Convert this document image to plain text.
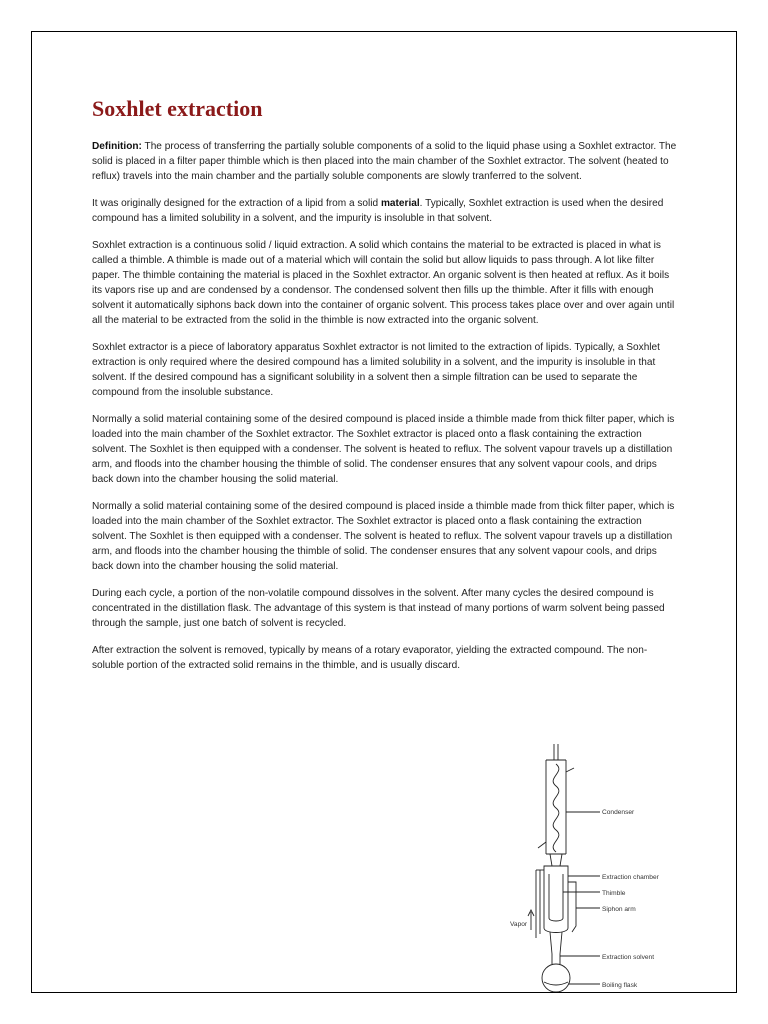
Soxhlet extraction

Definition: The process of transferring the partially soluble components of a solid to the liquid phase using a Soxhlet extractor. The solid is placed in a filter paper thimble which is then placed into the main chamber of the Soxhlet extractor. The solvent (heated to reflux) travels into the main chamber and the partially soluble components are slowly tranferred to the solvent.

It was originally designed for the extraction of a lipid from a solid material. Typically, Soxhlet extraction is used when the desired compound has a limited solubility in a solvent, and the impurity is insoluble in that solvent.

Soxhlet extraction is a continuous solid / liquid extraction. A solid which contains the material to be extracted is placed in what is called a thimble. A thimble is made out of a material which will contain the solid but allow liquids to pass through. A lot like filter paper. The thimble containing the material is placed in the Soxhlet extractor. An organic solvent is then heated at reflux. As it boils its vapors rise up and are condensed by a condensor. The condensed solvent then fills up the thimble. After it fills with enough solvent it automatically siphons back down into the container of organic solvent. This process takes place over and over again until all the material to be extracted from the solid in the thimble is now extracted into the organic solvent.

Soxhlet extractor is a piece of laboratory apparatus Soxhlet extractor is not limited to the extraction of lipids. Typically, a Soxhlet extraction is only required where the desired compound has a limited solubility in a solvent, and the impurity is insoluble in that solvent. If the desired compound has a significant solubility in a solvent then a simple filtration can be used to separate the compound from the insoluble substance.

Normally a solid material containing some of the desired compound is placed inside a thimble made from thick filter paper, which is loaded into the main chamber of the Soxhlet extractor. The Soxhlet extractor is placed onto a flask containing the extraction solvent. The Soxhlet is then equipped with a condenser. The solvent is heated to reflux. The solvent vapour travels up a distillation arm, and floods into the chamber housing the thimble of solid. The condenser ensures that any solvent vapour cools, and drips back down into the chamber housing the solid material.

Normally a solid material containing some of the desired compound is placed inside a thimble made from thick filter paper, which is loaded into the main chamber of the Soxhlet extractor. The Soxhlet extractor is placed onto a flask containing the extraction solvent. The Soxhlet is then equipped with a condenser. The solvent is heated to reflux. The solvent vapour travels up a distillation arm, and floods into the chamber housing the thimble of solid. The condenser ensures that any solvent vapour cools, and drips back down into the chamber housing the solid material.

During each cycle, a portion of the non-volatile compound dissolves in the solvent. After many cycles the desired compound is concentrated in the distillation flask. The advantage of this system is that instead of many portions of warm solvent being passed through the sample, just one batch of solvent is recycled.

After extraction the solvent is removed, typically by means of a rotary evaporator, yielding the extracted compound. The non-soluble portion of the extracted solid remains in the thimble, and is usually discard.

Condenser
Extraction chamber
Thimble
Siphon arm
Vapor
Extraction solvent
Boiling flask
